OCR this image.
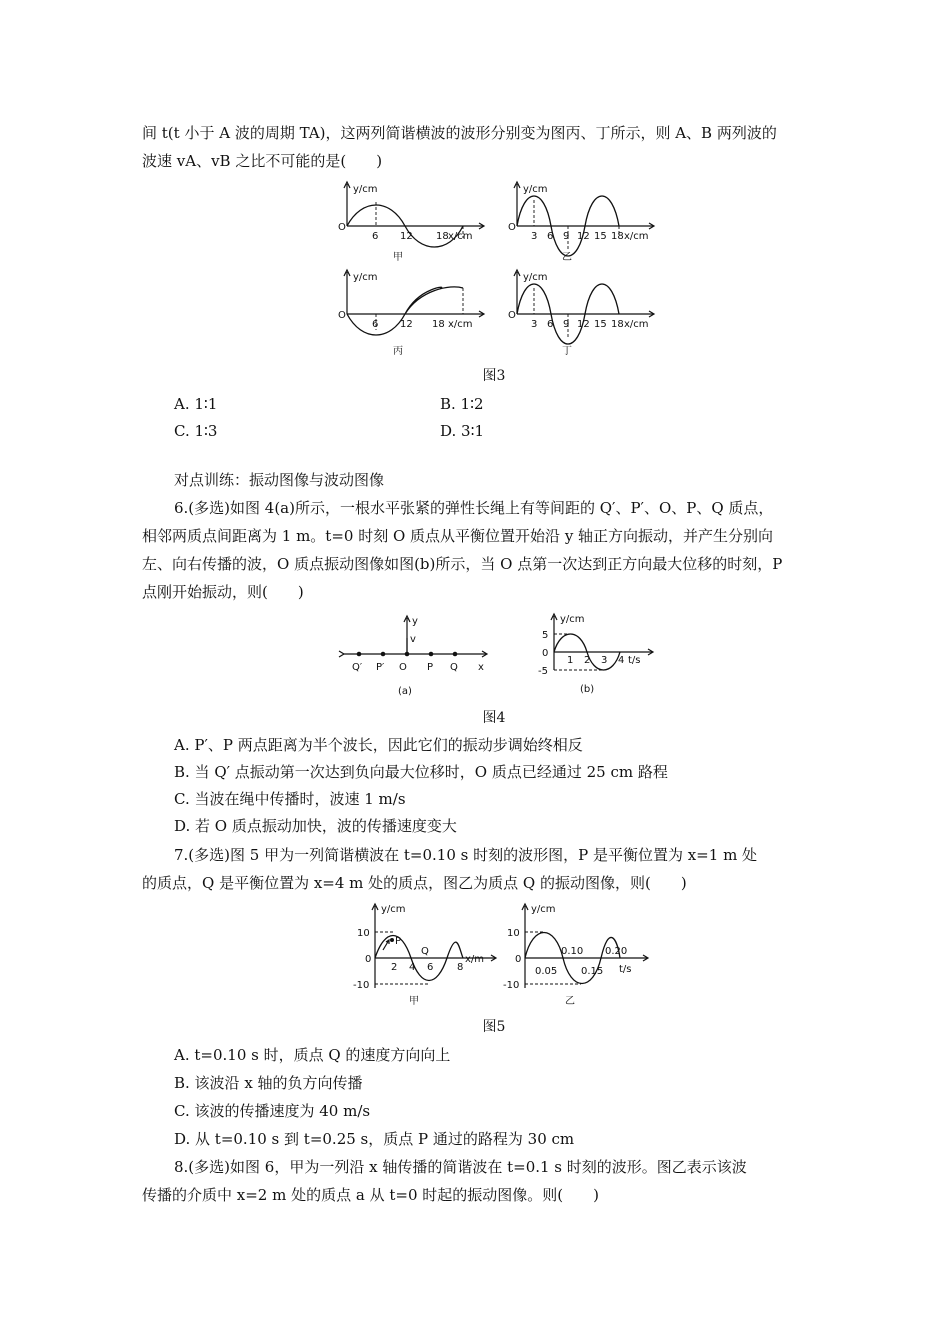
间 t(t 小于 A 波的周期 TA)，这两列简谐横波的波形分别变为图丙、丁所示，则 A、B 两列波的
波速 vA、vB 之比不可能的是(　　)
O
y/cm
6 12 18 x/cm
甲
O
y/cm
3 6 9 12 15 18 x/cm
乙
O
y/cm
6 12 18 x/cm
丙
O
y/cm
3 6 9 12 15 18 x/cm
丁
图3
A. 1∶1	B. 1∶2
C. 1∶3	D. 3∶1
对点训练：振动图像与波动图像
6.(多选)如图 4(a)所示，一根水平张紧的弹性长绳上有等间距的 Q′、P′、O、P、Q 质点，
相邻两质点间距离为 1 m。t=0 时刻 O 质点从平衡位置开始沿 y 轴正方向振动，并产生分别向
左、向右传播的波，O 质点振动图像如图(b)所示，当 O 点第一次达到正方向最大位移的时刻，P
点刚开始振动，则(　　)
y
v
x
Q′ P′ O P Q
(a)
y/cm
5
0
-5
1 2 3 4 t/s
(b)
图4
A. P′、P 两点距离为半个波长，因此它们的振动步调始终相反
B. 当 Q′ 点振动第一次达到负向最大位移时，O 质点已经通过 25 cm 路程
C. 当波在绳中传播时，波速 1 m/s
D. 若 O 质点振动加快，波的传播速度变大
7.(多选)图 5 甲为一列简谐横波在 t=0.10 s 时刻的波形图，P 是平衡位置为 x=1 m 处
的质点，Q 是平衡位置为 x=4 m 处的质点，图乙为质点 Q 的振动图像，则(　　)
y/cm
10
0
-10
P
Q
2 4 6 8
x/m
甲
y/cm
10
0
-10
0.05
0.10
0.15
0.20
t/s
乙
图5
A. t=0.10 s 时，质点 Q 的速度方向向上
B. 该波沿 x 轴的负方向传播
C. 该波的传播速度为 40 m/s
D. 从 t=0.10 s 到 t=0.25 s，质点 P 通过的路程为 30 cm
8.(多选)如图 6，甲为一列沿 x 轴传播的简谐波在 t=0.1 s 时刻的波形。图乙表示该波
传播的介质中 x=2 m 处的质点 a 从 t=0 时起的振动图像。则(　　)
